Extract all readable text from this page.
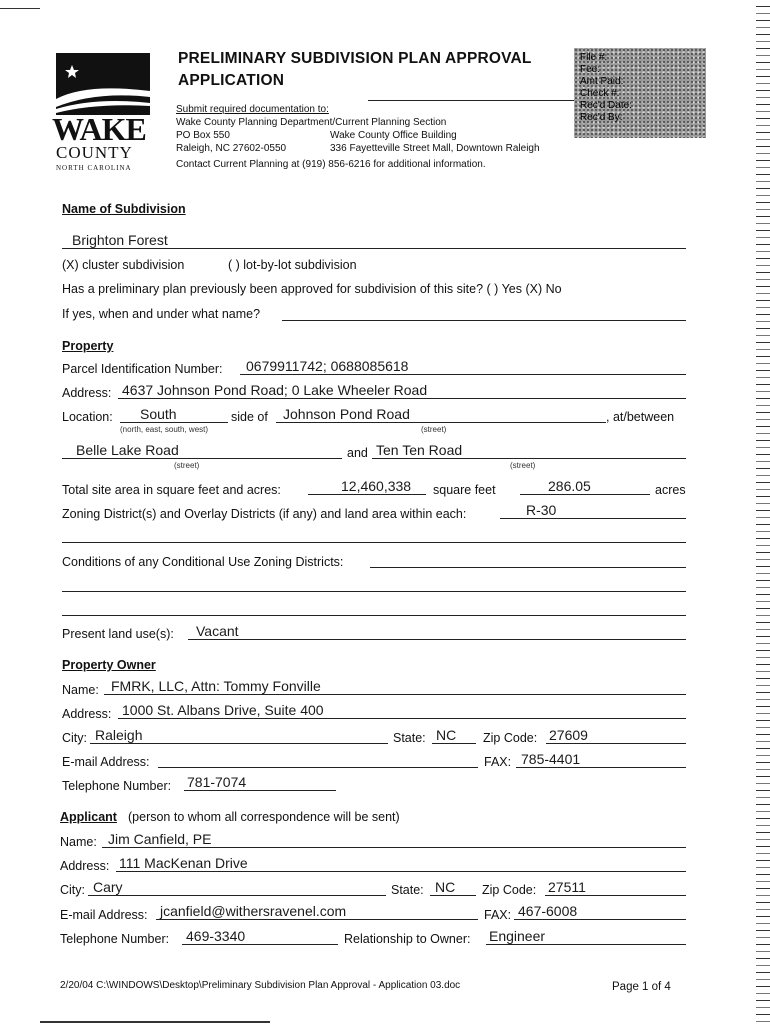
WAKE
COUNTY
NORTH CAROLINA
PRELIMINARY SUBDIVISION PLAN APPROVAL
APPLICATION
Submit required documentation to:
Wake County Planning Department/Current Planning Section
PO Box 550	Wake County Office Building
Raleigh, NC 27602-0550	336 Fayetteville Street Mall, Downtown Raleigh
Contact Current Planning at (919) 856-6216 for additional information.
File #:
Fee:
Amt Paid:
Check #:
Rec'd Date:
Rec'd By:
Name of Subdivision
Brighton Forest
(X) cluster subdivision	( ) lot-by-lot subdivision
Has a preliminary plan previously been approved for subdivision of this site? ( ) Yes (X) No
If yes, when and under what name?
Property
Parcel Identification Number: 0679911742; 0688085618
Address: 4637 Johnson Pond Road; 0 Lake Wheeler Road
Location: South	side of Johnson Pond Road	, at/between
(north, east, south, west)	(street)
Belle Lake Road	and Ten Ten Road
(street)	(street)
Total site area in square feet and acres:	12,460,338 square feet	286.05	acres
Zoning District(s) and Overlay Districts (if any) and land area within each:	R-30
Conditions of any Conditional Use Zoning Districts:
Present land use(s): Vacant
Property Owner
Name: FMRK, LLC, Attn: Tommy Fonville
Address: 1000 St. Albans Drive, Suite 400
City: Raleigh	State: NC Zip Code: 27609
E-mail Address:	FAX: 785-4401
Telephone Number: 781-7074
Applicant (person to whom all correspondence will be sent)
Name: Jim Canfield, PE
Address: 111 MacKenan Drive
City: Cary	State: NC Zip Code: 27511
E-mail Address: jcanfield@withersravenel.com	FAX: 467-6008
Telephone Number: 469-3340	Relationship to Owner: Engineer
2/20/04 C:\WINDOWS\Desktop\Preliminary Subdivision Plan Approval - Application 03.doc	Page 1 of 4
